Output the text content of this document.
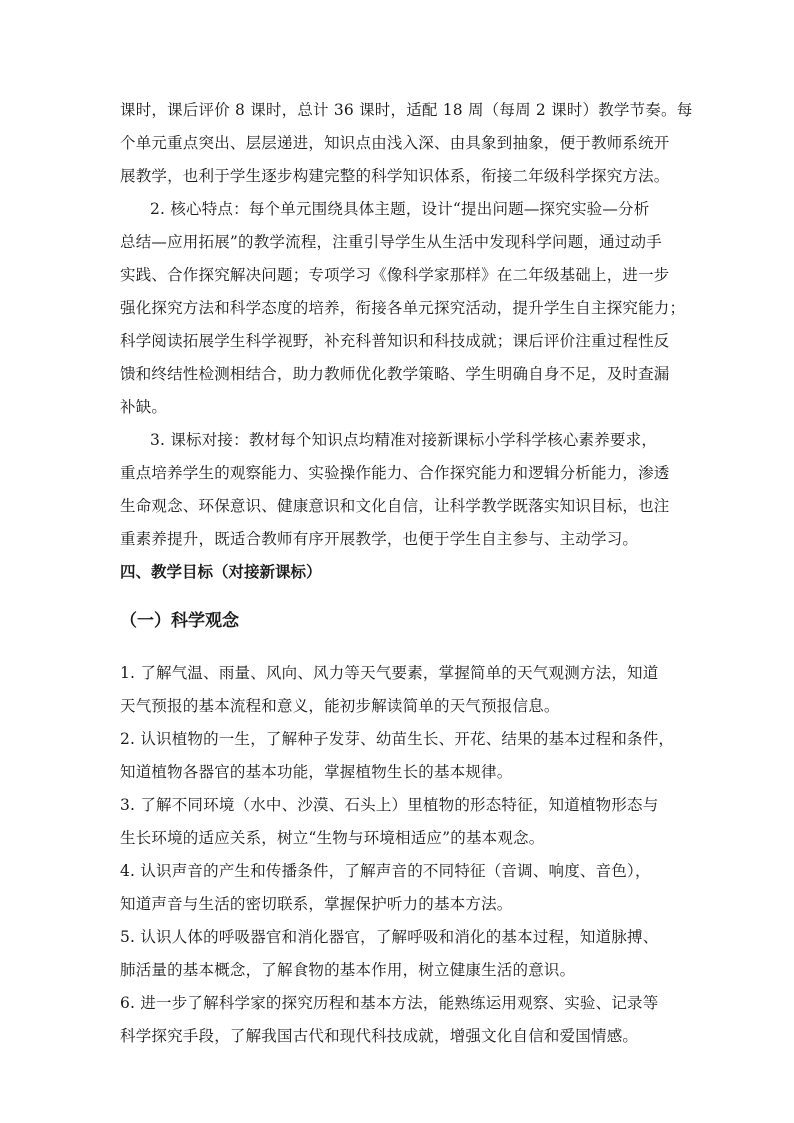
课时，课后评价 8 课时，总计 36 课时，适配 18 周（每周 2 课时）教学节奏。每
个单元重点突出、层层递进，知识点由浅入深、由具象到抽象，便于教师系统开
展教学，也利于学生逐步构建完整的科学知识体系，衔接二年级科学探究方法。
2. 核心特点：每个单元围绕具体主题，设计“提出问题—探究实验—分析
总结—应用拓展”的教学流程，注重引导学生从生活中发现科学问题，通过动手
实践、合作探究解决问题；专项学习《像科学家那样》在二年级基础上，进一步
强化探究方法和科学态度的培养，衔接各单元探究活动，提升学生自主探究能力；
科学阅读拓展学生科学视野，补充科普知识和科技成就；课后评价注重过程性反
馈和终结性检测相结合，助力教师优化教学策略、学生明确自身不足，及时查漏
补缺。
3. 课标对接：教材每个知识点均精准对接新课标小学科学核心素养要求，
重点培养学生的观察能力、实验操作能力、合作探究能力和逻辑分析能力，渗透
生命观念、环保意识、健康意识和文化自信，让科学教学既落实知识目标，也注
重素养提升，既适合教师有序开展教学，也便于学生自主参与、主动学习。
四、教学目标（对接新课标）
（一）科学观念
1. 了解气温、雨量、风向、风力等天气要素，掌握简单的天气观测方法，知道
天气预报的基本流程和意义，能初步解读简单的天气预报信息。
2. 认识植物的一生，了解种子发芽、幼苗生长、开花、结果的基本过程和条件，
知道植物各器官的基本功能，掌握植物生长的基本规律。
3. 了解不同环境（水中、沙漠、石头上）里植物的形态特征，知道植物形态与
生长环境的适应关系，树立“生物与环境相适应”的基本观念。
4. 认识声音的产生和传播条件，了解声音的不同特征（音调、响度、音色），
知道声音与生活的密切联系，掌握保护听力的基本方法。
5. 认识人体的呼吸器官和消化器官，了解呼吸和消化的基本过程，知道脉搏、
肺活量的基本概念，了解食物的基本作用，树立健康生活的意识。
6. 进一步了解科学家的探究历程和基本方法，能熟练运用观察、实验、记录等
科学探究手段，了解我国古代和现代科技成就，增强文化自信和爱国情感。
